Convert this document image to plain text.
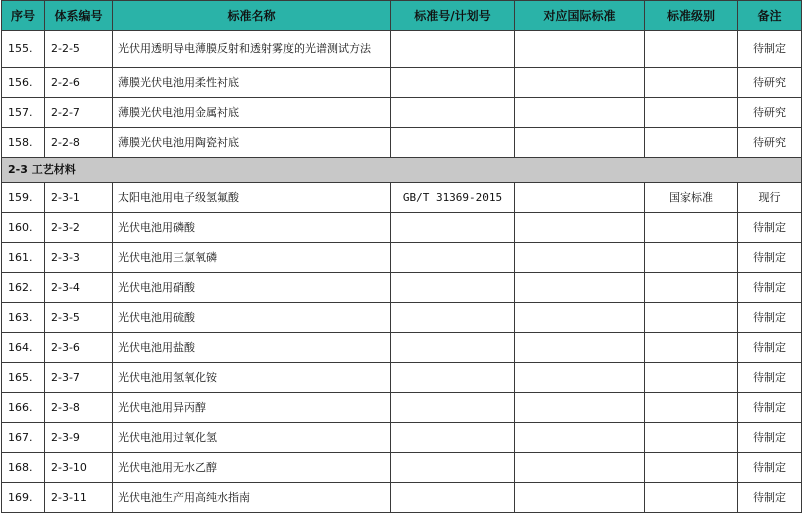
序号	体系编号	标准名称	标准号/计划号	对应国际标准	标准级别	备注
155.	2-2-5	光伏用透明导电薄膜反射和透射雾度的光谱测试方法				待制定
156.	2-2-6	薄膜光伏电池用柔性衬底				待研究
157.	2-2-7	薄膜光伏电池用金属衬底				待研究
158.	2-2-8	薄膜光伏电池用陶瓷衬底				待研究
2-3 工艺材料						
159.	2-3-1	太阳电池用电子级氢氟酸	GB/T 31369-2015		国家标准	现行
160.	2-3-2	光伏电池用磷酸				待制定
161.	2-3-3	光伏电池用三氯氧磷				待制定
162.	2-3-4	光伏电池用硝酸				待制定
163.	2-3-5	光伏电池用硫酸				待制定
164.	2-3-6	光伏电池用盐酸				待制定
165.	2-3-7	光伏电池用氢氧化铵				待制定
166.	2-3-8	光伏电池用异丙醇				待制定
167.	2-3-9	光伏电池用过氧化氢				待制定
168.	2-3-10	光伏电池用无水乙醇				待制定
169.	2-3-11	光伏电池生产用高纯水指南				待制定
